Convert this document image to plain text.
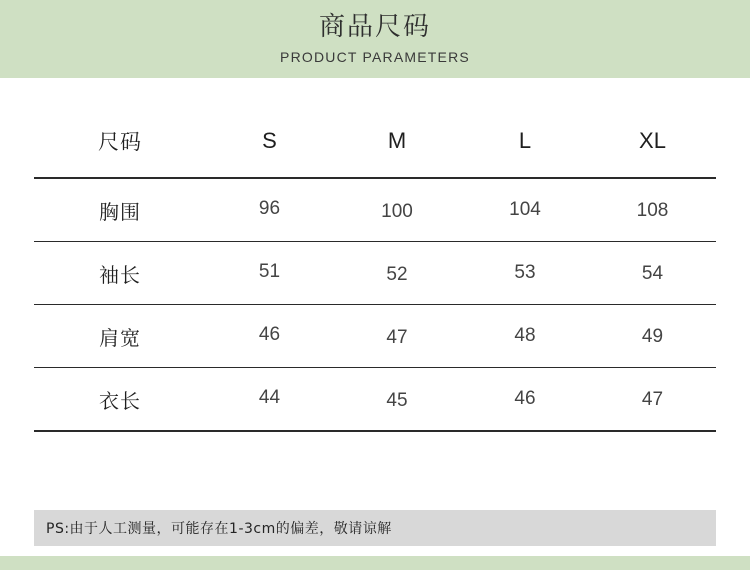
商品尺码
PRODUCT PARAMETERS
尺码	S	M	L	XL
胸围	96	100	104	108
袖长	51	52	53	54
肩宽	46	47	48	49
衣长	44	45	46	47

PS:由于人工测量，可能存在1-3cm的偏差，敬请谅解
